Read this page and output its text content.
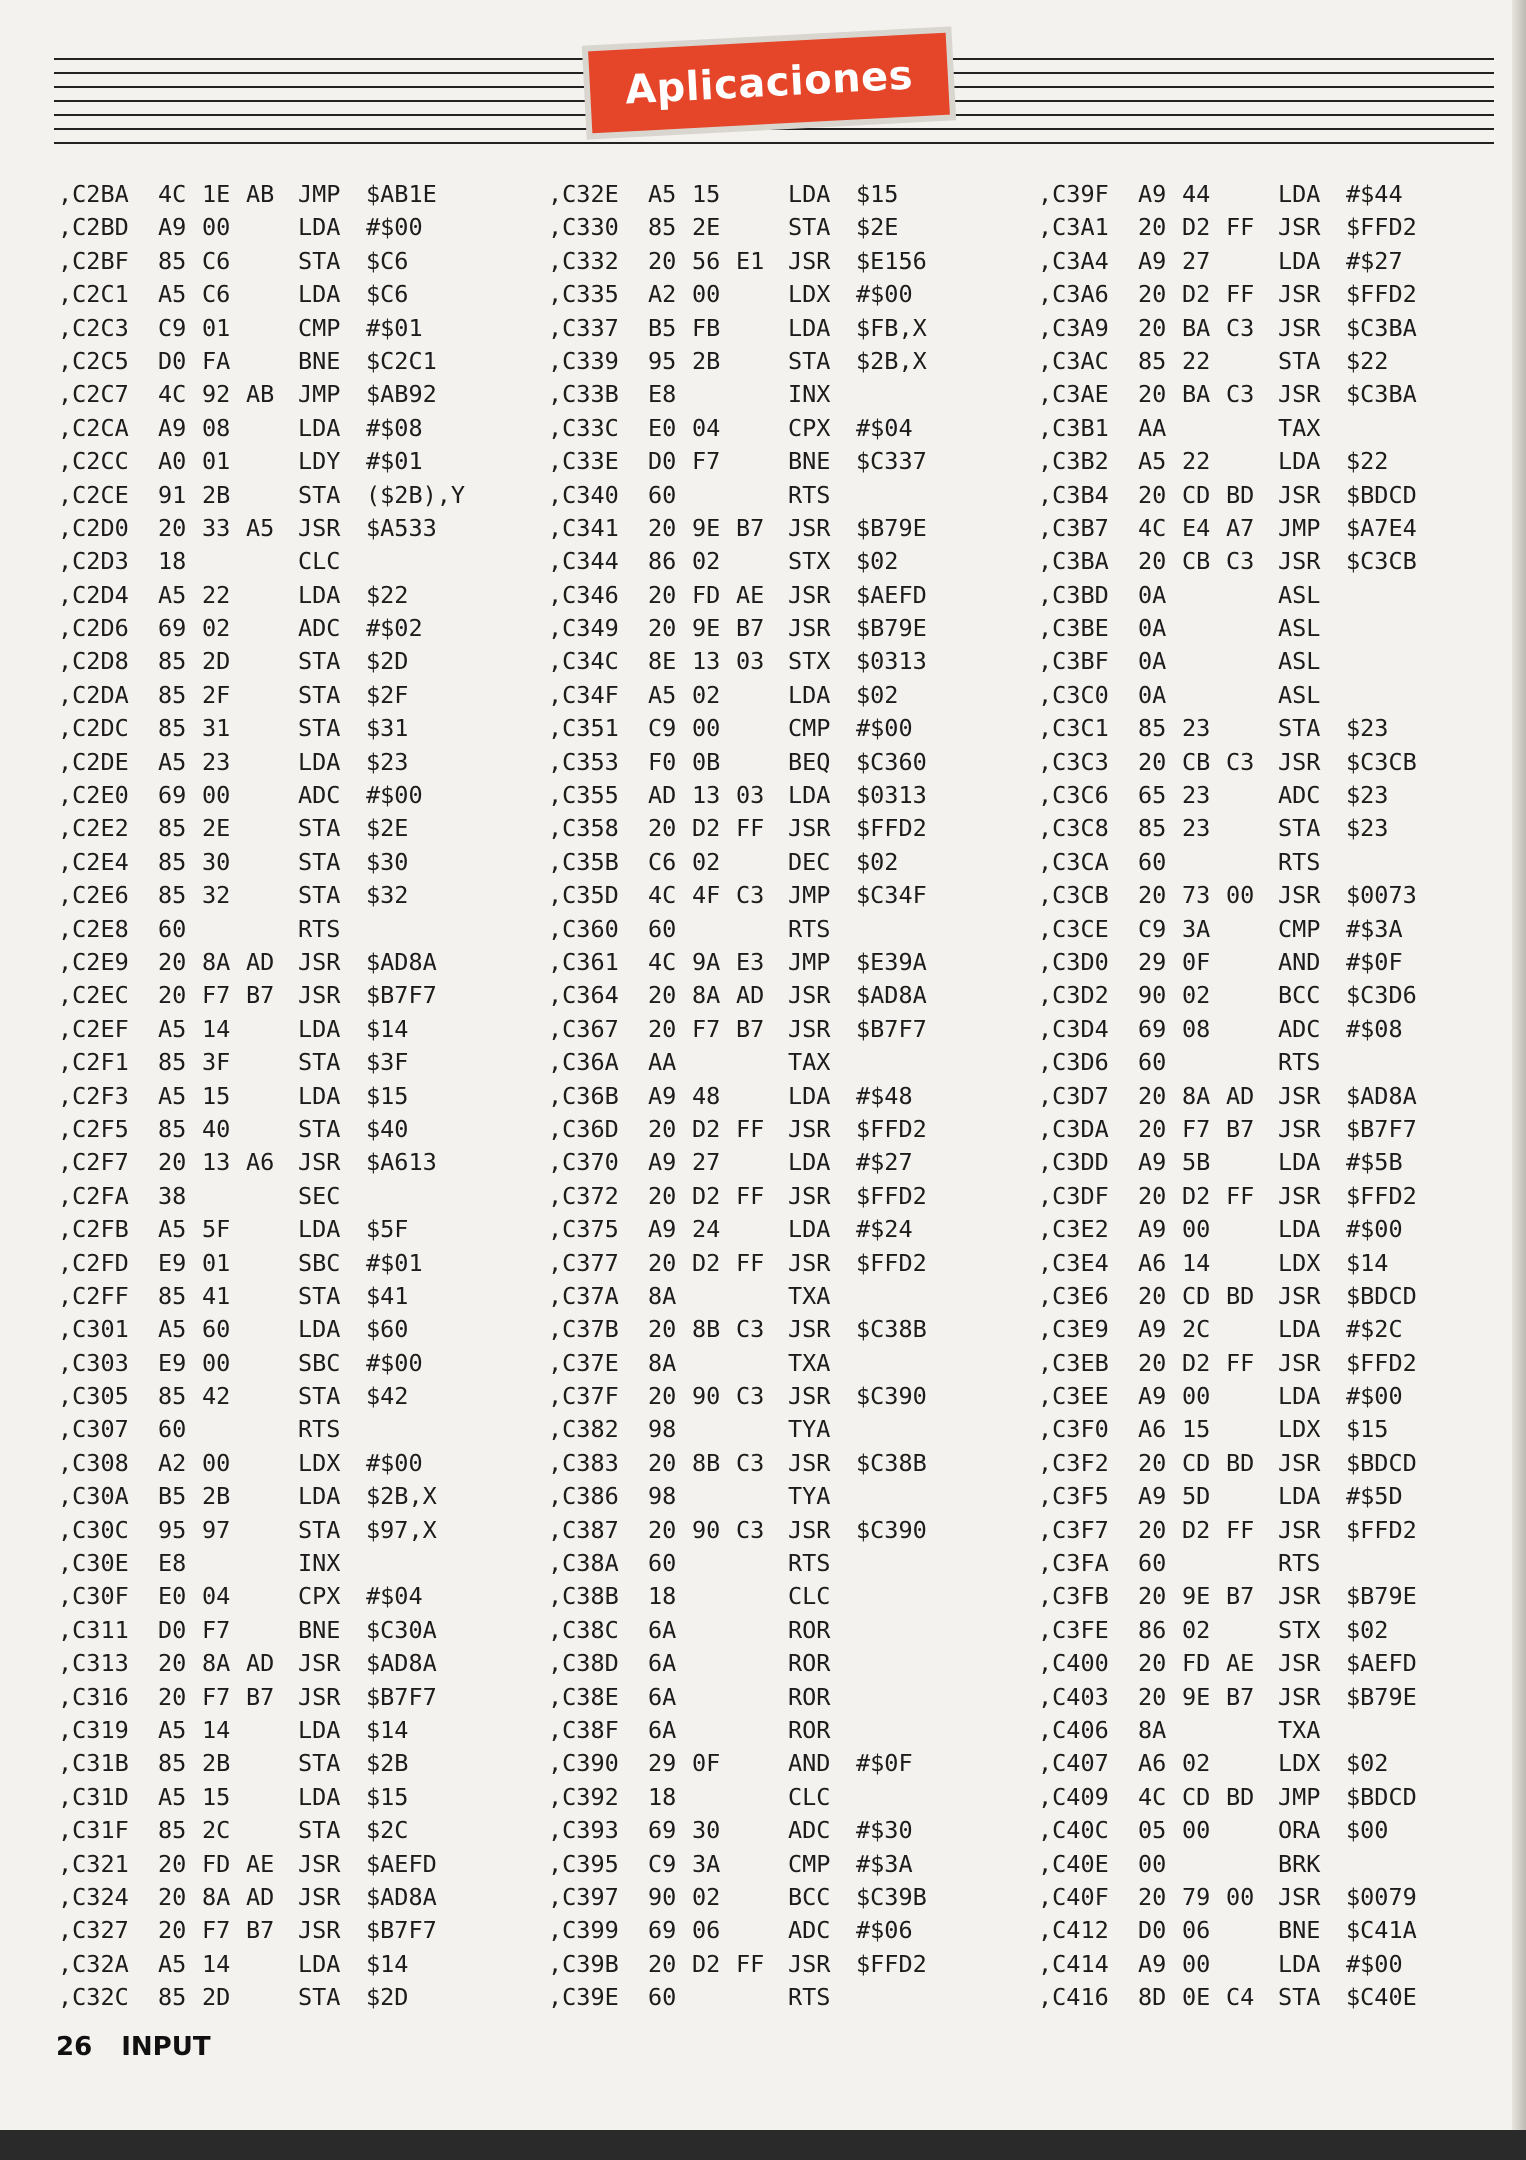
Aplicaciones
,C2BA	4C 1E AB	JMP	$AB1E
,C2BD	A9 00	LDA	#$00
,C2BF	85 C6	STA	$C6
,C2C1	A5 C6	LDA	$C6
,C2C3	C9 01	CMP	#$01
,C2C5	D0 FA	BNE	$C2C1
,C2C7	4C 92 AB	JMP	$AB92
,C2CA	A9 08	LDA	#$08
,C2CC	A0 01	LDY	#$01
,C2CE	91 2B	STA	($2B),Y
,C2D0	20 33 A5	JSR	$A533
,C2D3	18	CLC
,C2D4	A5 22	LDA	$22
,C2D6	69 02	ADC	#$02
,C2D8	85 2D	STA	$2D
,C2DA	85 2F	STA	$2F
,C2DC	85 31	STA	$31
,C2DE	A5 23	LDA	$23
,C2E0	69 00	ADC	#$00
,C2E2	85 2E	STA	$2E
,C2E4	85 30	STA	$30
,C2E6	85 32	STA	$32
,C2E8	60	RTS
,C2E9	20 8A AD	JSR	$AD8A
,C2EC	20 F7 B7	JSR	$B7F7
,C2EF	A5 14	LDA	$14
,C2F1	85 3F	STA	$3F
,C2F3	A5 15	LDA	$15
,C2F5	85 40	STA	$40
,C2F7	20 13 A6	JSR	$A613
,C2FA	38	SEC
,C2FB	A5 5F	LDA	$5F
,C2FD	E9 01	SBC	#$01
,C2FF	85 41	STA	$41
,C301	A5 60	LDA	$60
,C303	E9 00	SBC	#$00
,C305	85 42	STA	$42
,C307	60	RTS
,C308	A2 00	LDX	#$00
,C30A	B5 2B	LDA	$2B,X
,C30C	95 97	STA	$97,X
,C30E	E8	INX
,C30F	E0 04	CPX	#$04
,C311	D0 F7	BNE	$C30A
,C313	20 8A AD	JSR	$AD8A
,C316	20 F7 B7	JSR	$B7F7
,C319	A5 14	LDA	$14
,C31B	85 2B	STA	$2B
,C31D	A5 15	LDA	$15
,C31F	85 2C	STA	$2C
,C321	20 FD AE	JSR	$AEFD
,C324	20 8A AD	JSR	$AD8A
,C327	20 F7 B7	JSR	$B7F7
,C32A	A5 14	LDA	$14
,C32C	85 2D	STA	$2D
,C32E	A5 15	LDA	$15
,C330	85 2E	STA	$2E
,C332	20 56 E1	JSR	$E156
,C335	A2 00	LDX	#$00
,C337	B5 FB	LDA	$FB,X
,C339	95 2B	STA	$2B,X
,C33B	E8	INX
,C33C	E0 04	CPX	#$04
,C33E	D0 F7	BNE	$C337
,C340	60	RTS
,C341	20 9E B7	JSR	$B79E
,C344	86 02	STX	$02
,C346	20 FD AE	JSR	$AEFD
,C349	20 9E B7	JSR	$B79E
,C34C	8E 13 03	STX	$0313
,C34F	A5 02	LDA	$02
,C351	C9 00	CMP	#$00
,C353	F0 0B	BEQ	$C360
,C355	AD 13 03	LDA	$0313
,C358	20 D2 FF	JSR	$FFD2
,C35B	C6 02	DEC	$02
,C35D	4C 4F C3	JMP	$C34F
,C360	60	RTS
,C361	4C 9A E3	JMP	$E39A
,C364	20 8A AD	JSR	$AD8A
,C367	20 F7 B7	JSR	$B7F7
,C36A	AA	TAX
,C36B	A9 48	LDA	#$48
,C36D	20 D2 FF	JSR	$FFD2
,C370	A9 27	LDA	#$27
,C372	20 D2 FF	JSR	$FFD2
,C375	A9 24	LDA	#$24
,C377	20 D2 FF	JSR	$FFD2
,C37A	8A	TXA
,C37B	20 8B C3	JSR	$C38B
,C37E	8A	TXA
,C37F	20 90 C3	JSR	$C390
,C382	98	TYA
,C383	20 8B C3	JSR	$C38B
,C386	98	TYA
,C387	20 90 C3	JSR	$C390
,C38A	60	RTS
,C38B	18	CLC
,C38C	6A	ROR
,C38D	6A	ROR
,C38E	6A	ROR
,C38F	6A	ROR
,C390	29 0F	AND	#$0F
,C392	18	CLC
,C393	69 30	ADC	#$30
,C395	C9 3A	CMP	#$3A
,C397	90 02	BCC	$C39B
,C399	69 06	ADC	#$06
,C39B	20 D2 FF	JSR	$FFD2
,C39E	60	RTS
,C39F	A9 44	LDA	#$44
,C3A1	20 D2 FF	JSR	$FFD2
,C3A4	A9 27	LDA	#$27
,C3A6	20 D2 FF	JSR	$FFD2
,C3A9	20 BA C3	JSR	$C3BA
,C3AC	85 22	STA	$22
,C3AE	20 BA C3	JSR	$C3BA
,C3B1	AA	TAX
,C3B2	A5 22	LDA	$22
,C3B4	20 CD BD	JSR	$BDCD
,C3B7	4C E4 A7	JMP	$A7E4
,C3BA	20 CB C3	JSR	$C3CB
,C3BD	0A	ASL
,C3BE	0A	ASL
,C3BF	0A	ASL
,C3C0	0A	ASL
,C3C1	85 23	STA	$23
,C3C3	20 CB C3	JSR	$C3CB
,C3C6	65 23	ADC	$23
,C3C8	85 23	STA	$23
,C3CA	60	RTS
,C3CB	20 73 00	JSR	$0073
,C3CE	C9 3A	CMP	#$3A
,C3D0	29 0F	AND	#$0F
,C3D2	90 02	BCC	$C3D6
,C3D4	69 08	ADC	#$08
,C3D6	60	RTS
,C3D7	20 8A AD	JSR	$AD8A
,C3DA	20 F7 B7	JSR	$B7F7
,C3DD	A9 5B	LDA	#$5B
,C3DF	20 D2 FF	JSR	$FFD2
,C3E2	A9 00	LDA	#$00
,C3E4	A6 14	LDX	$14
,C3E6	20 CD BD	JSR	$BDCD
,C3E9	A9 2C	LDA	#$2C
,C3EB	20 D2 FF	JSR	$FFD2
,C3EE	A9 00	LDA	#$00
,C3F0	A6 15	LDX	$15
,C3F2	20 CD BD	JSR	$BDCD
,C3F5	A9 5D	LDA	#$5D
,C3F7	20 D2 FF	JSR	$FFD2
,C3FA	60	RTS
,C3FB	20 9E B7	JSR	$B79E
,C3FE	86 02	STX	$02
,C400	20 FD AE	JSR	$AEFD
,C403	20 9E B7	JSR	$B79E
,C406	8A	TXA
,C407	A6 02	LDX	$02
,C409	4C CD BD	JMP	$BDCD
,C40C	05 00	ORA	$00
,C40E	00	BRK
,C40F	20 79 00	JSR	$0079
,C412	D0 06	BNE	$C41A
,C414	A9 00	LDA	#$00
,C416	8D 0E C4	STA	$C40E
26 INPUT
